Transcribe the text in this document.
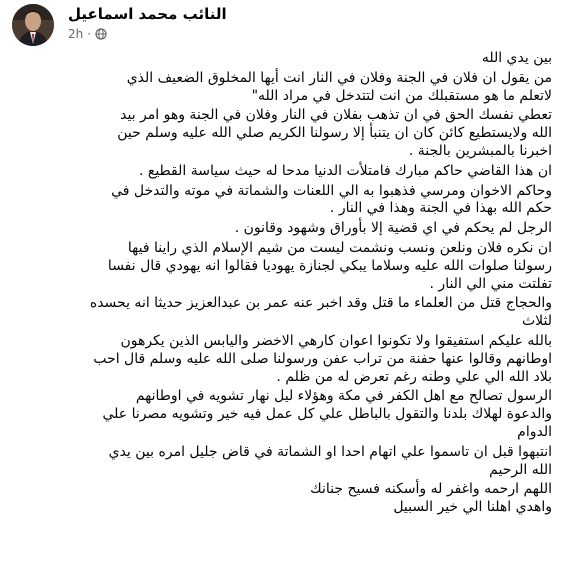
النائب محمد اسماعيل
2h ·
بين يدي الله
من يقول ان فلان في الجنة وفلان في النار انت أيها المخلوق الضعيف الذي
لاتعلم ما هو مستقبلك من انت لتتدخل في مراد الله"
تعطي نفسك الحق في ان تذهب بفلان في النار وفلان في الجنة وهو امر بيد
الله ولايستطيع كائن كان ان يتنبأ إلا رسولنا الكريم صلي الله عليه وسلم حين
اخبرنا بالمبشرين بالجنة .
ان هذا القاضي حاكم مبارك فامتلأت الدنيا مدحا له حيث سياسة القطيع .
وحاكم الاخوان ومرسي فذهبوا به الي اللعنات والشماتة في موته والتدخل في
حكم الله بهذا في الجنة وهذا في النار .
الرجل لم يحكم في اي قضية إلا بأوراق وشهود وقانون .
ان نكره فلان ونلعن ونسب ونشمت ليست من شيم الإسلام الذي راينا فيها
رسولنا صلوات الله عليه وسلاما يبكي لجنازة يهوديا فقالوا انه يهودي قال نفسا
تفلتت مني الي النار .
والحجاج قتل من العلماء ما قتل وقد اخبر عنه عمر بن عبدالعزيز حديثا انه يحسده
لثلاث
بالله عليكم استفيقوا ولا تكونوا اعوان كارهي الاخضر واليابس الذين يكرهون
اوطانهم وقالوا عنها حفنة من تراب عفن ورسولنا صلى الله عليه وسلم قال احب
بلاد الله الي علي وطنه رغم تعرض له من ظلم .
الرسول تصالح مع اهل الكفر في مكة وهؤلاء ليل نهار تشويه في اوطانهم
والدعوة لهلاك بلدنا والتقول بالباطل علي كل عمل فيه خير وتشويه مصرنا علي
الدوام
انتبهوا قبل ان تاسموا علي اتهام احدا او الشماتة في قاض جليل امره بين يدي
الله الرحيم
اللهم ارحمه واغفر له وأسكنه فسيح جنانك
واهدي اهلنا الي خير السبيل
